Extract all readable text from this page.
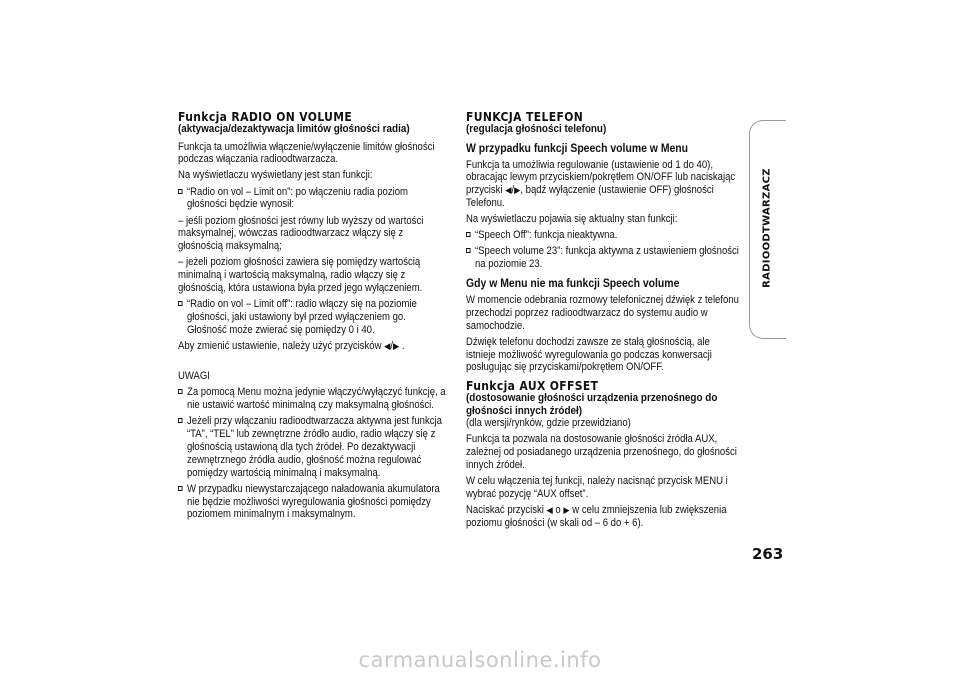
Funkcja RADIO ON VOLUME
(aktywacja/dezaktywacja limitów głośności radia)
Funkcja ta umożliwia włączenie/wyłączenie limitów głośności podczas włączania radioodtwarzacza.
Na wyświetlaczu wyświetlany jest stan funkcji:
“Radio on vol – Limit on”: po włączeniu radia poziom głośności będzie wynosił:
– jeśli poziom głośności jest równy lub wyższy od wartości maksymalnej, wówczas radioodtwarzacz włączy się z głośnością maksymalną;
– jeżeli poziom głośności zawiera się pomiędzy wartością minimalną i wartością maksymalną, radio włączy się z głośnością, która ustawiona była przed jego wyłączeniem.
“Radio on vol – Limit off”: radio włączy się na poziomie głośności, jaki ustawiony był przed wyłączeniem go. Głośność może zwierać się pomiędzy 0 i 40.
Aby zmienić ustawienie, należy użyć przycisków ◀/▶ .
UWAGI
Za pomocą Menu można jedynie włączyć/wyłączyć funkcję, a nie ustawić wartość minimalną czy maksymalną głośności.
Jeżeli przy włączaniu radioodtwarzacza aktywna jest funkcja “TA”, “TEL” lub zewnętrzne źródło audio, radio włączy się z głośnością ustawioną dla tych źródeł. Po dezaktywacji zewnętrznego źródła audio, głośność można regulować pomiędzy wartością minimalną i maksymalną.
W przypadku niewystarczającego naładowania akumulatora nie będzie możliwości wyregulowania głośności pomiędzy poziomem minimalnym i maksymalnym.
FUNKCJA TELEFON
(regulacja głośności telefonu)
W przypadku funkcji Speech volume w Menu
Funkcja ta umożliwia regulowanie (ustawienie od 1 do 40), obracając lewym przyciskiem/pokrętłem ON/OFF lub naciskając przyciski ◀/▶, bądź wyłączenie (ustawienie OFF) głośności Telefonu.
Na wyświetlaczu pojawia się aktualny stan funkcji:
“Speech Off”: funkcja nieaktywna.
“Speech volume 23”: funkcja aktywna z ustawieniem głośności na poziomie 23.
Gdy w Menu nie ma funkcji Speech volume
W momencie odebrania rozmowy telefonicznej dźwięk z telefonu przechodzi poprzez radioodtwarzacz do systemu audio w samochodzie.
Dźwięk telefonu dochodzi zawsze ze stałą głośnością, ale istnieje możliwość wyregulowania go podczas konwersacji posługując się przyciskami/pokrętłem ON/OFF.
Funkcja AUX OFFSET
(dostosowanie głośności urządzenia przenośnego do głośności innych źródeł)
(dla wersji/rynków, gdzie przewidziano)
Funkcja ta pozwala na dostosowanie głośności źródła AUX, zależnej od posiadanego urządzenia przenośnego, do głośności innych źródeł.
W celu włączenia tej funkcji, należy nacisnąć przycisk MENU i wybrać pozycję “AUX offset”.
Naciskać przyciski ◀ o ▶ w celu zmniejszenia lub zwiększenia poziomu głośności (w skali od – 6 do + 6).
RADIOODTWARZACZ
263
carmanualsonline.info
